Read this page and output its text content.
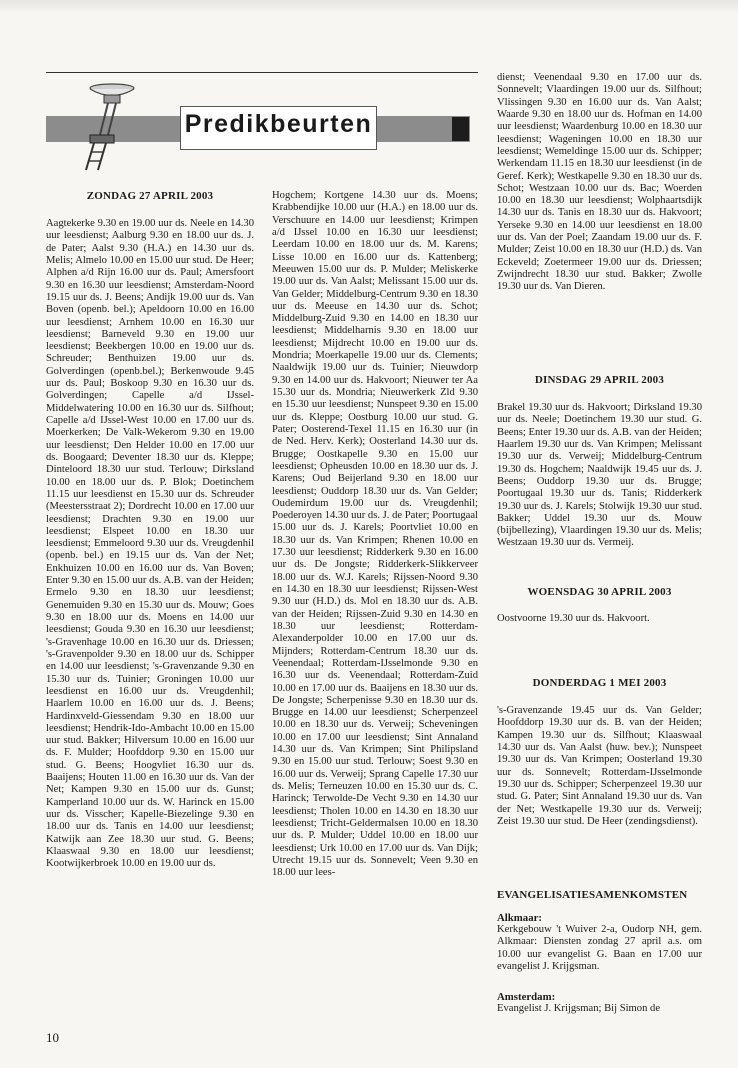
Predikbeurten
ZONDAG 27 APRIL 2003
Aagtekerke 9.30 en 19.00 uur ds. Neele en 14.30 uur leesdienst; Aalburg 9.30 en 18.00 uur ds. J. de Pater; Aalst 9.30 (H.A.) en 14.30 uur ds. Melis; Almelo 10.00 en 15.00 uur stud. De Heer; Alphen a/d Rijn 16.00 uur ds. Paul; Amersfoort 9.30 en 16.30 uur leesdienst; Amsterdam-Noord 19.15 uur ds. J. Beens; Andijk 19.00 uur ds. Van Boven (openb. bel.); Apeldoorn 10.00 en 16.00 uur leesdienst; Arnhem 10.00 en 16.30 uur leesdienst; Barneveld 9.30 en 19.00 uur leesdienst; Beekbergen 10.00 en 19.00 uur ds. Schreuder; Benthuizen 19.00 uur ds. Golverdingen (openb.bel.); Berkenwoude 9.45 uur ds. Paul; Boskoop 9.30 en 16.30 uur ds. Golverdingen; Capelle a/d IJssel-Middelwatering 10.00 en 16.30 uur ds. Silfhout; Capelle a/d IJssel-West 10.00 en 17.00 uur ds. Moerkerken; De Valk-Wekerom 9.30 en 19.00 uur leesdienst; Den Helder 10.00 en 17.00 uur ds. Boogaard; Deventer 18.30 uur ds. Kleppe; Dinteloord 18.30 uur stud. Terlouw; Dirksland 10.00 en 18.00 uur ds. P. Blok; Doetinchem 11.15 uur leesdienst en 15.30 uur ds. Schreuder (Meestersstraat 2); Dordrecht 10.00 en 17.00 uur leesdienst; Drachten 9.30 en 19.00 uur leesdienst; Elspeet 10.00 en 18.30 uur leesdienst; Emmeloord 9.30 uur ds. Vreugdenhil (openb. bel.) en 19.15 uur ds. Van der Net; Enkhuizen 10.00 en 16.00 uur ds. Van Boven; Enter 9.30 en 15.00 uur ds. A.B. van der Heiden; Ermelo 9.30 en 18.30 uur leesdienst; Genemuiden 9.30 en 15.30 uur ds. Mouw; Goes 9.30 en 18.00 uur ds. Moens en 14.00 uur leesdienst; Gouda 9.30 en 16.30 uur leesdienst; 's-Gravenhage 10.00 en 16.30 uur ds. Driessen; 's-Gravenpolder 9.30 en 18.00 uur ds. Schipper en 14.00 uur leesdienst; 's-Gravenzande 9.30 en 15.30 uur ds. Tuinier; Groningen 10.00 uur leesdienst en 16.00 uur ds. Vreugdenhil; Haarlem 10.00 en 16.00 uur ds. J. Beens; Hardinxveld-Giessendam 9.30 en 18.00 uur leesdienst; Hendrik-Ido-Ambacht 10.00 en 15.00 uur stud. Bakker; Hilversum 10.00 en 16.00 uur ds. F. Mulder; Hoofddorp 9.30 en 15.00 uur stud. G. Beens; Hoogvliet 16.30 uur ds. Baaijens; Houten 11.00 en 16.30 uur ds. Van der Net; Kampen 9.30 en 15.00 uur ds. Gunst; Kamperland 10.00 uur ds. W. Harinck en 15.00 uur ds. Visscher; Kapelle-Biezelinge 9.30 en 18.00 uur ds. Tanis en 14.00 uur leesdienst; Katwijk aan Zee 18.30 uur stud. G. Beens; Klaaswaal 9.30 en 18.00 uur leesdienst; Kootwijkerbroek 10.00 en 19.00 uur ds.
Hogchem; Kortgene 14.30 uur ds. Moens; Krabbendijke 10.00 uur (H.A.) en 18.00 uur ds. Verschuure en 14.00 uur leesdienst; Krimpen a/d IJssel 10.00 en 16.30 uur leesdienst; Leerdam 10.00 en 18.00 uur ds. M. Karens; Lisse 10.00 en 16.00 uur ds. Kattenberg; Meeuwen 15.00 uur ds. P. Mulder; Meliskerke 19.00 uur ds. Van Aalst; Melissant 15.00 uur ds. Van Gelder; Middelburg-Centrum 9.30 en 18.30 uur ds. Meeuse en 14.30 uur ds. Schot; Middelburg-Zuid 9.30 en 14.00 en 18.30 uur leesdienst; Middelharnis 9.30 en 18.00 uur leesdienst; Mijdrecht 10.00 en 19.00 uur ds. Mondria; Moerkapelle 19.00 uur ds. Clements; Naaldwijk 19.00 uur ds. Tuinier; Nieuwdorp 9.30 en 14.00 uur ds. Hakvoort; Nieuwer ter Aa 15.30 uur ds. Mondria; Nieuwerkerk Zld 9.30 en 15.30 uur leesdienst; Nunspeet 9.30 en 15.00 uur ds. Kleppe; Oostburg 10.00 uur stud. G. Pater; Oosterend-Texel 11.15 en 16.30 uur (in de Ned. Herv. Kerk); Oosterland 14.30 uur ds. Brugge; Oostkapelle 9.30 en 15.00 uur leesdienst; Opheusden 10.00 en 18.30 uur ds. J. Karens; Oud Beijerland 9.30 en 18.00 uur leesdienst; Ouddorp 18.30 uur ds. Van Gelder; Oudemirdum 19.00 uur ds. Vreugdenhil; Poederoyen 14.30 uur ds. J. de Pater; Poortugaal 15.00 uur ds. J. Karels; Poortvliet 10.00 en 18.30 uur ds. Van Krimpen; Rhenen 10.00 en 17.30 uur leesdienst; Ridderkerk 9.30 en 16.00 uur ds. De Jongste; Ridderkerk-Slikkerveer 18.00 uur ds. W.J. Karels; Rijssen-Noord 9.30 en 14.30 en 18.30 uur leesdienst; Rijssen-West 9.30 uur (H.D.) ds. Mol en 18.30 uur ds. A.B. van der Heiden; Rijssen-Zuid 9.30 en 14.30 en 18.30 uur leesdienst; Rotterdam-Alexanderpolder 10.00 en 17.00 uur ds. Mijnders; Rotterdam-Centrum 18.30 uur ds. Veenendaal; Rotterdam-IJsselmonde 9.30 en 16.30 uur ds. Veenendaal; Rotterdam-Zuid 10.00 en 17.00 uur ds. Baaijens en 18.30 uur ds. De Jongste; Scherpenisse 9.30 en 18.30 uur ds. Brugge en 14.00 uur leesdienst; Scherpenzeel 10.00 en 18.30 uur ds. Verweij; Scheveningen 10.00 en 17.00 uur leesdienst; Sint Annaland 14.30 uur ds. Van Krimpen; Sint Philipsland 9.30 en 15.00 uur stud. Terlouw; Soest 9.30 en 16.00 uur ds. Verweij; Sprang Capelle 17.30 uur ds. Melis; Terneuzen 10.00 en 15.30 uur ds. C. Harinck; Terwolde-De Vecht 9.30 en 14.30 uur leesdienst; Tholen 10.00 en 14.30 en 18.30 uur leesdienst; Tricht-Geldermalsen 10.00 en 18.30 uur ds. P. Mulder; Uddel 10.00 en 18.00 uur leesdienst; Urk 10.00 en 17.00 uur ds. Van Dijk; Utrecht 19.15 uur ds. Sonnevelt; Veen 9.30 en 18.00 uur lees-
dienst; Veenendaal 9.30 en 17.00 uur ds. Sonnevelt; Vlaardingen 19.00 uur ds. Silfhout; Vlissingen 9.30 en 16.00 uur ds. Van Aalst; Waarde 9.30 en 18.00 uur ds. Hofman en 14.00 uur leesdienst; Waardenburg 10.00 en 18.30 uur leesdienst; Wageningen 10.00 en 18.30 uur leesdienst; Wemeldinge 15.00 uur ds. Schipper; Werkendam 11.15 en 18.30 uur leesdienst (in de Geref. Kerk); Westkapelle 9.30 en 18.30 uur ds. Schot; Westzaan 10.00 uur ds. Bac; Woerden 10.00 en 18.30 uur leesdienst; Wolphaartsdijk 14.30 uur ds. Tanis en 18.30 uur ds. Hakvoort; Yerseke 9.30 en 14.00 uur leesdienst en 18.00 uur ds. Van der Poel; Zaandam 19.00 uur ds. F. Mulder; Zeist 10.00 en 18.30 uur (H.D.) ds. Van Eckeveld; Zoetermeer 19.00 uur ds. Driessen; Zwijndrecht 18.30 uur stud. Bakker; Zwolle 19.30 uur ds. Van Dieren.
DINSDAG 29 APRIL 2003
Brakel 19.30 uur ds. Hakvoort; Dirksland 19.30 uur ds. Neele; Doetinchem 19.30 uur stud. G. Beens; Enter 19.30 uur ds. A.B. van der Heiden; Haarlem 19.30 uur ds. Van Krimpen; Melissant 19.30 uur ds. Verweij; Middelburg-Centrum 19.30 ds. Hogchem; Naaldwijk 19.45 uur ds. J. Beens; Ouddorp 19.30 uur ds. Brugge; Poortugaal 19.30 uur ds. Tanis; Ridderkerk 19.30 uur ds. J. Karels; Stolwijk 19.30 uur stud. Bakker; Uddel 19.30 uur ds. Mouw (bijbellezing), Vlaardingen 19.30 uur ds. Melis; Westzaan 19.30 uur ds. Vermeij.
WOENSDAG 30 APRIL 2003
Oostvoorne 19.30 uur ds. Hakvoort.
DONDERDAG 1 MEI 2003
's-Gravenzande 19.45 uur ds. Van Gelder; Hoofddorp 19.30 uur ds. B. van der Heiden; Kampen 19.30 uur ds. Silfhout; Klaaswaal 14.30 uur ds. Van Aalst (huw. bev.); Nunspeet 19.30 uur ds. Van Krimpen; Oosterland 19.30 uur ds. Sonnevelt; Rotterdam-IJsselmonde 19.30 uur ds. Schipper; Scherpenzeel 19.30 uur stud. G. Pater; Sint Annaland 19.30 uur ds. Van der Net; Westkapelle 19.30 uur ds. Verweij; Zeist 19.30 uur stud. De Heer (zendingsdienst).
EVANGELISATIESAMENKOMSTEN
Alkmaar:
Kerkgebouw 't Wuiver 2-a, Oudorp NH, gem. Alkmaar: Diensten zondag 27 april a.s. om 10.00 uur evangelist G. Baan en 17.00 uur evangelist J. Krijgsman.
Amsterdam:
Evangelist J. Krijgsman; Bij Simon de
10
